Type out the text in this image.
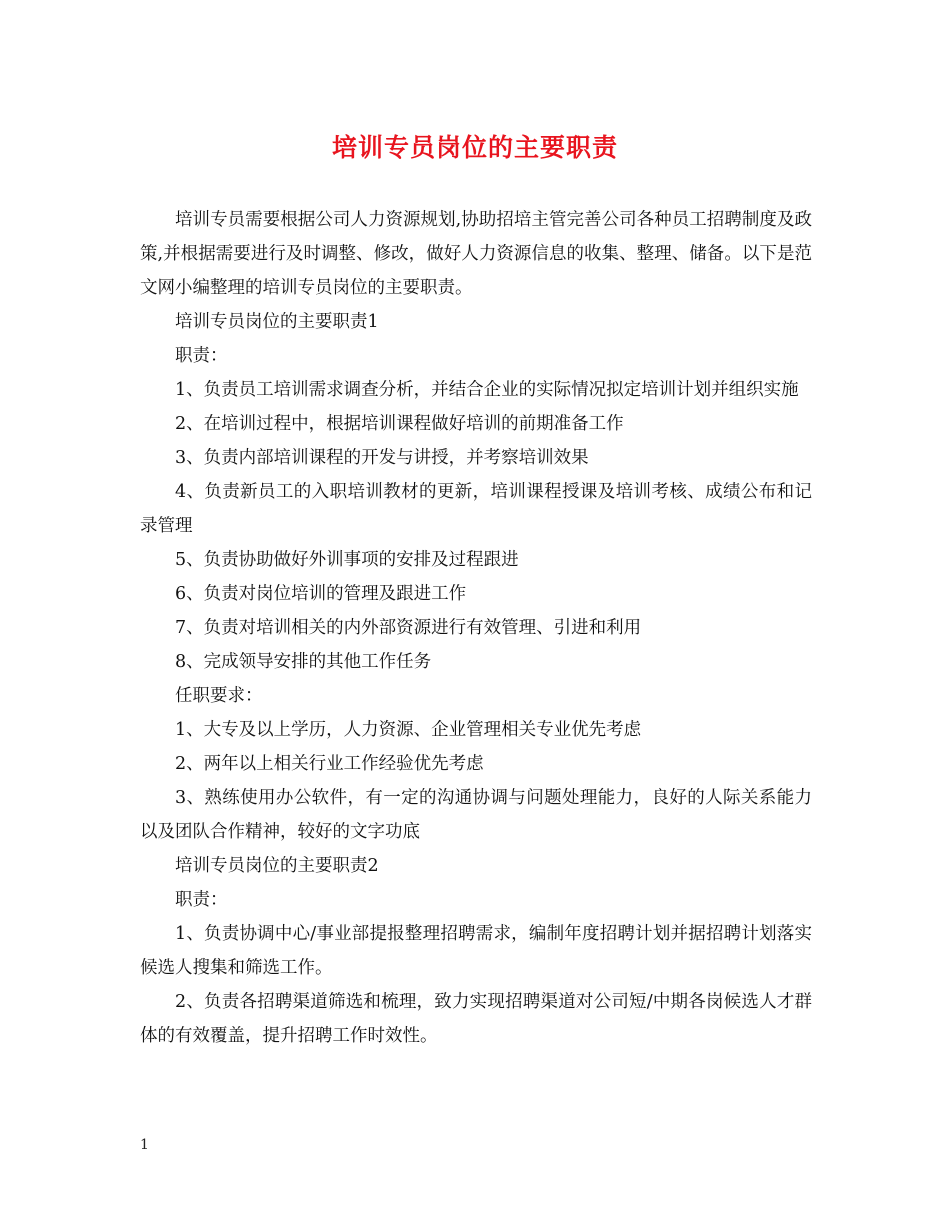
培训专员岗位的主要职责

培训专员需要根据公司人力资源规划,协助招培主管完善公司各种员工招聘制度及政策,并根据需要进行及时调整、修改，做好人力资源信息的收集、整理、储备。以下是范文网小编整理的培训专员岗位的主要职责。

培训专员岗位的主要职责1

职责：

1、负责员工培训需求调查分析，并结合企业的实际情况拟定培训计划并组织实施

2、在培训过程中，根据培训课程做好培训的前期准备工作

3、负责内部培训课程的开发与讲授，并考察培训效果

4、负责新员工的入职培训教材的更新，培训课程授课及培训考核、成绩公布和记录管理

5、负责协助做好外训事项的安排及过程跟进

6、负责对岗位培训的管理及跟进工作

7、负责对培训相关的内外部资源进行有效管理、引进和利用

8、完成领导安排的其他工作任务

任职要求：

1、大专及以上学历，人力资源、企业管理相关专业优先考虑

2、两年以上相关行业工作经验优先考虑

3、熟练使用办公软件，有一定的沟通协调与问题处理能力，良好的人际关系能力以及团队合作精神，较好的文字功底

培训专员岗位的主要职责2

职责：

1、负责协调中心/事业部提报整理招聘需求，编制年度招聘计划并据招聘计划落实候选人搜集和筛选工作。

2、负责各招聘渠道筛选和梳理，致力实现招聘渠道对公司短/中期各岗候选人才群体的有效覆盖，提升招聘工作时效性。

1
